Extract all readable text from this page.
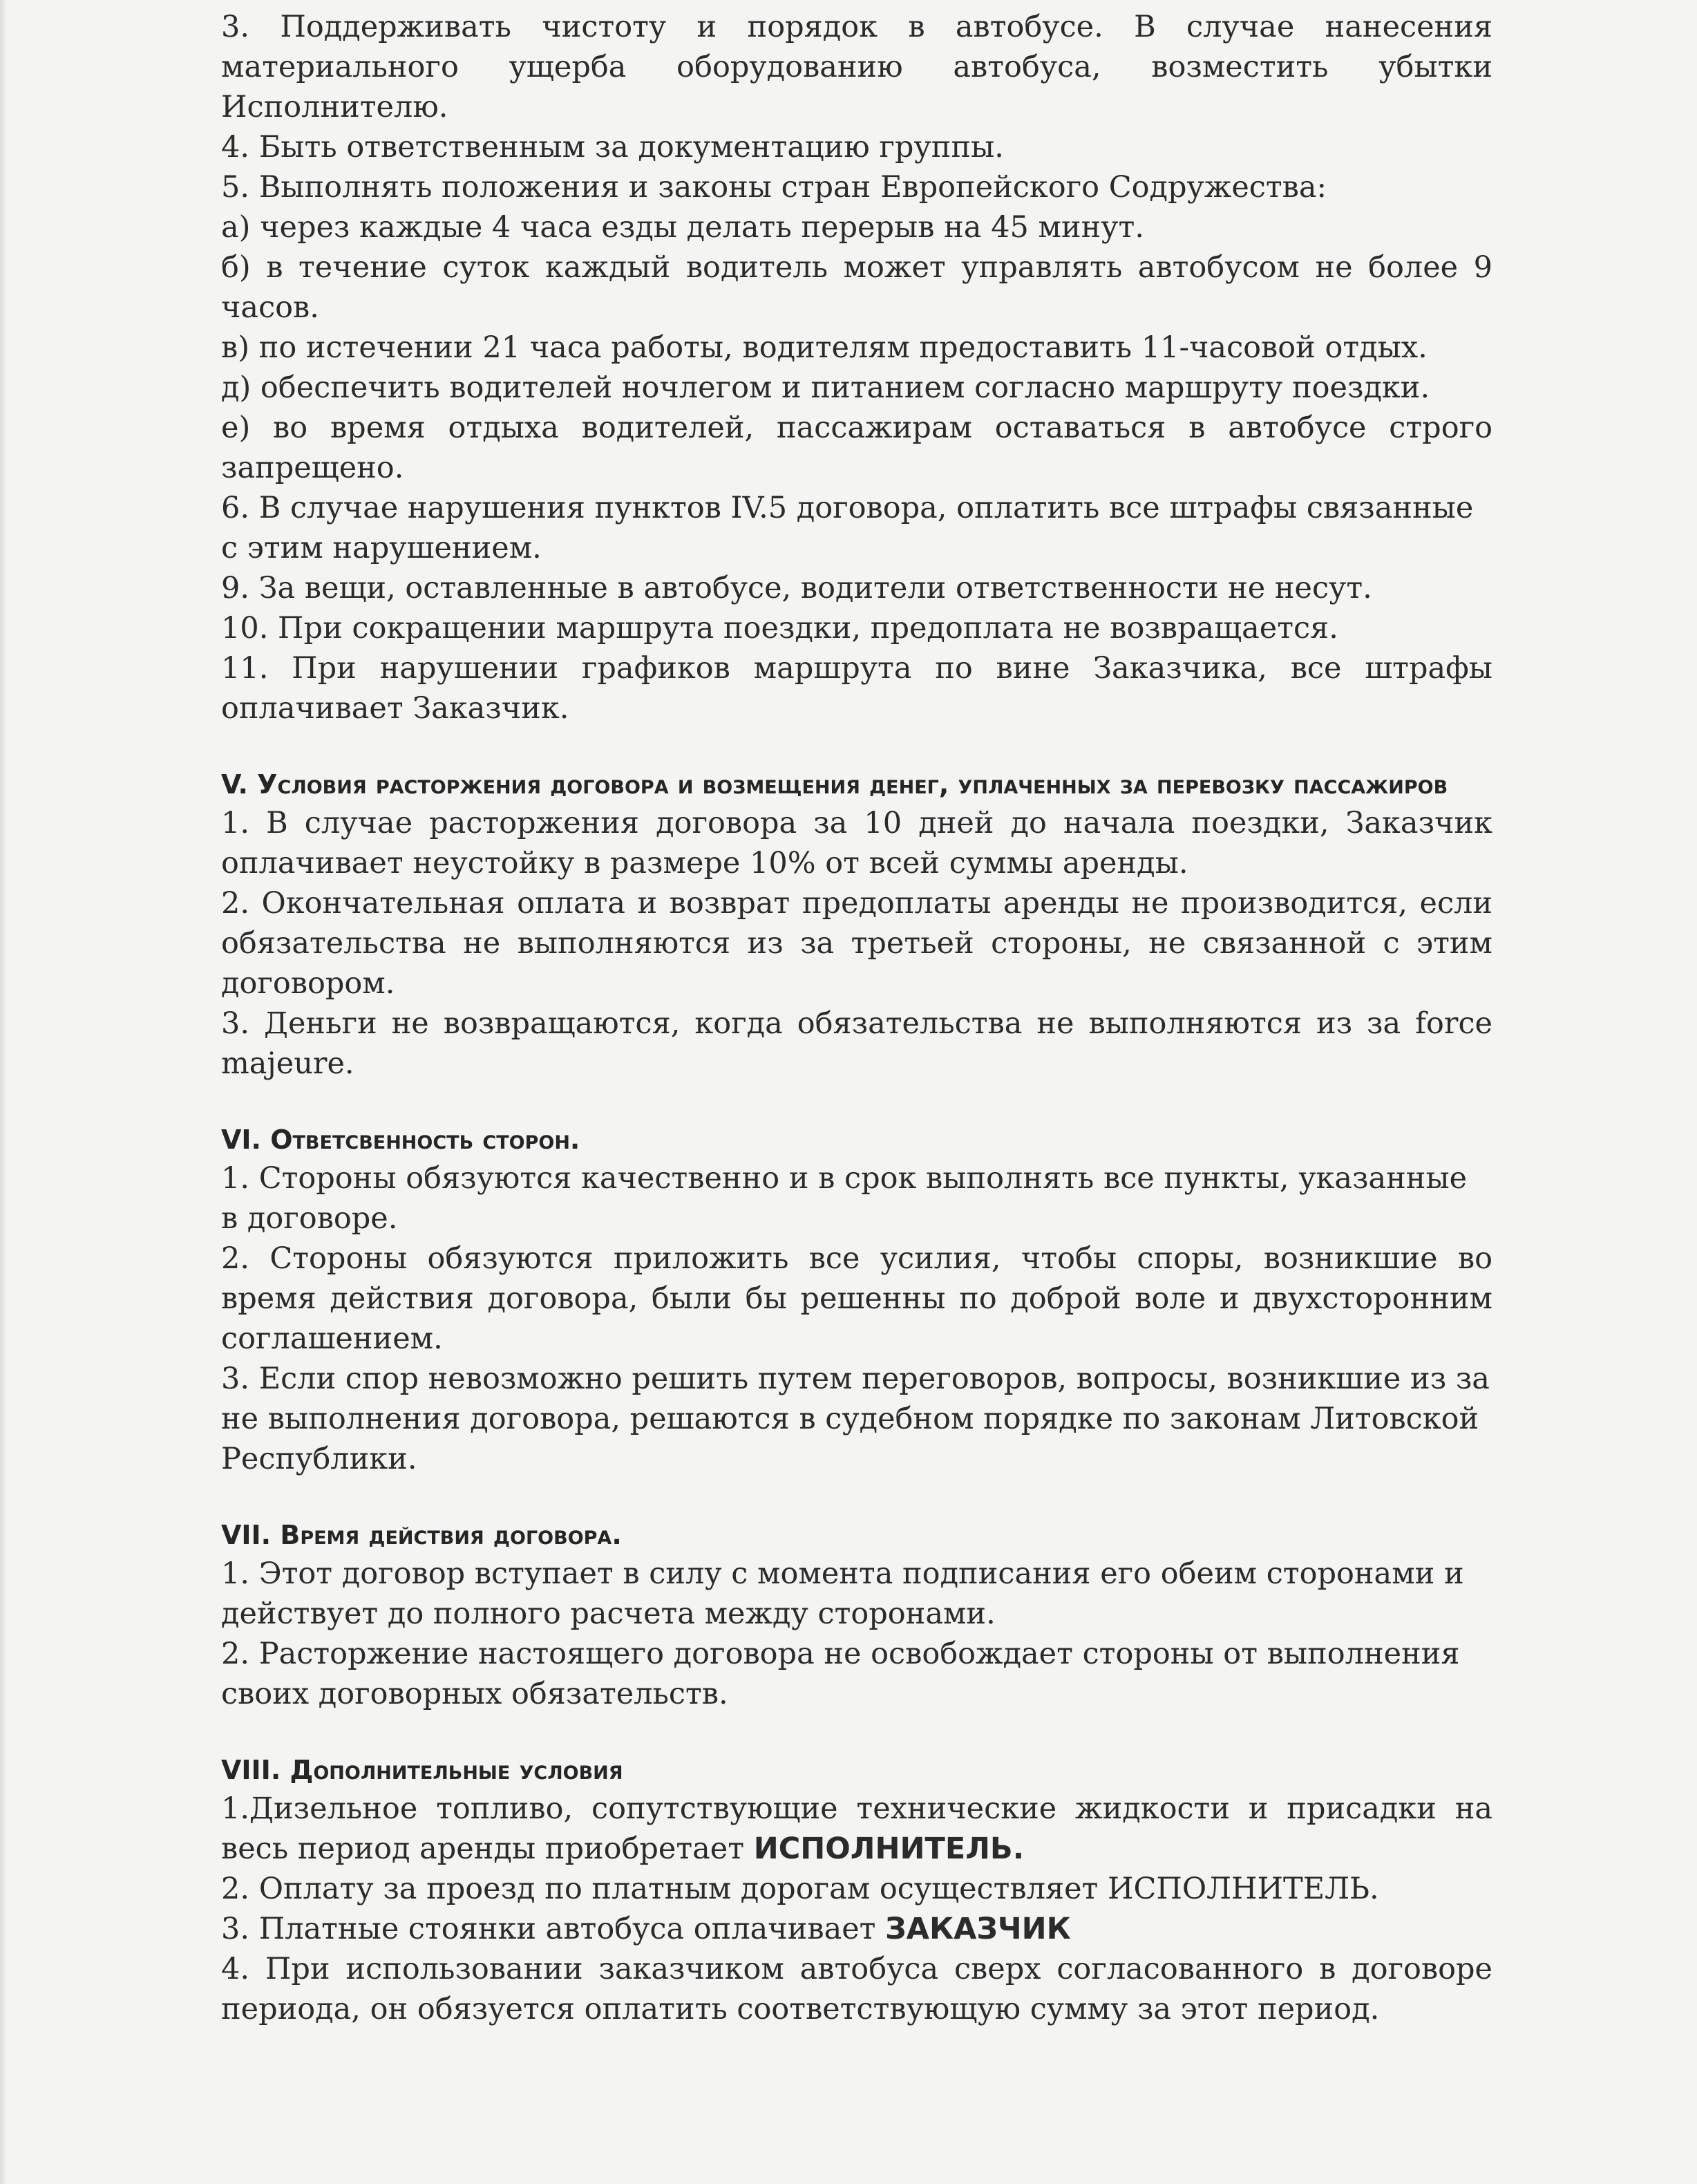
3. Поддерживать чистоту и порядок в автобусе. В случае нанесения материального ущерба оборудованию автобуса, возместить убытки Исполнителю.

4. Быть ответственным за документацию группы.

5. Выполнять положения и законы стран Европейского Содружества:

а) через каждые 4 часа езды делать перерыв на 45 минут.

б) в течение суток каждый водитель может управлять автобусом не более 9 часов.

в) по истечении 21 часа работы, водителям предоставить 11-часовой отдых.

д) обеспечить водителей ночлегом и питанием согласно маршруту поездки.

е) во время отдыха водителей, пассажирам оставаться в автобусе строго запрещено.

6. В случае нарушения пунктов IV.5 договора, оплатить все штрафы связанные с этим нарушением.

9. За вещи, оставленные в автобусе, водители ответственности не несут.

10. При сокращении маршрута поездки, предоплата не возвращается.

11. При нарушении графиков маршрута по вине Заказчика, все штрафы оплачивает Заказчик.

V. Условия расторжения договора и возмещения денег, уплаченных за перевозку пассажиров

1. В случае расторжения договора за 10 дней до начала поездки, Заказчик оплачивает неустойку в размере 10% от всей суммы аренды.

2. Окончательная оплата и возврат предоплаты аренды не производится, если обязательства не выполняются из за третьей стороны, не связанной с этим договором.

3. Деньги не возвращаются, когда обязательства не выполняются из за force majeure.

VI. Ответсвенность сторон.

1. Стороны обязуются качественно и в срок выполнять все пункты, указанные в договоре.

2. Стороны обязуются приложить все усилия, чтобы споры, возникшие во время действия договора, были бы решенны по доброй воле и двухсторонним соглашением.

3. Если спор невозможно решить путем переговоров, вопросы, возникшие из за не выполнения договора, решаются в судебном порядке по законам Литовской Республики.

VII. Время действия договора.

1. Этот договор вступает в силу с момента подписания его обеим сторонами и действует до полного расчета между сторонами.

2. Расторжение настоящего договора не освобождает стороны от выполнения своих договорных обязательств.

VIII. Дополнительные условия

1.Дизельное топливо, сопутствующие технические жидкости и присадки на весь период аренды приобретает ИСПОЛНИТЕЛЬ.

2. Оплату за проезд по платным дорогам осуществляет ИСПОЛНИТЕЛЬ.

3. Платные стоянки автобуса оплачивает ЗАКАЗЧИК

4. При использовании заказчиком автобуса сверх согласованного в договоре периода, он обязуется оплатить соответствующую сумму за этот период.
